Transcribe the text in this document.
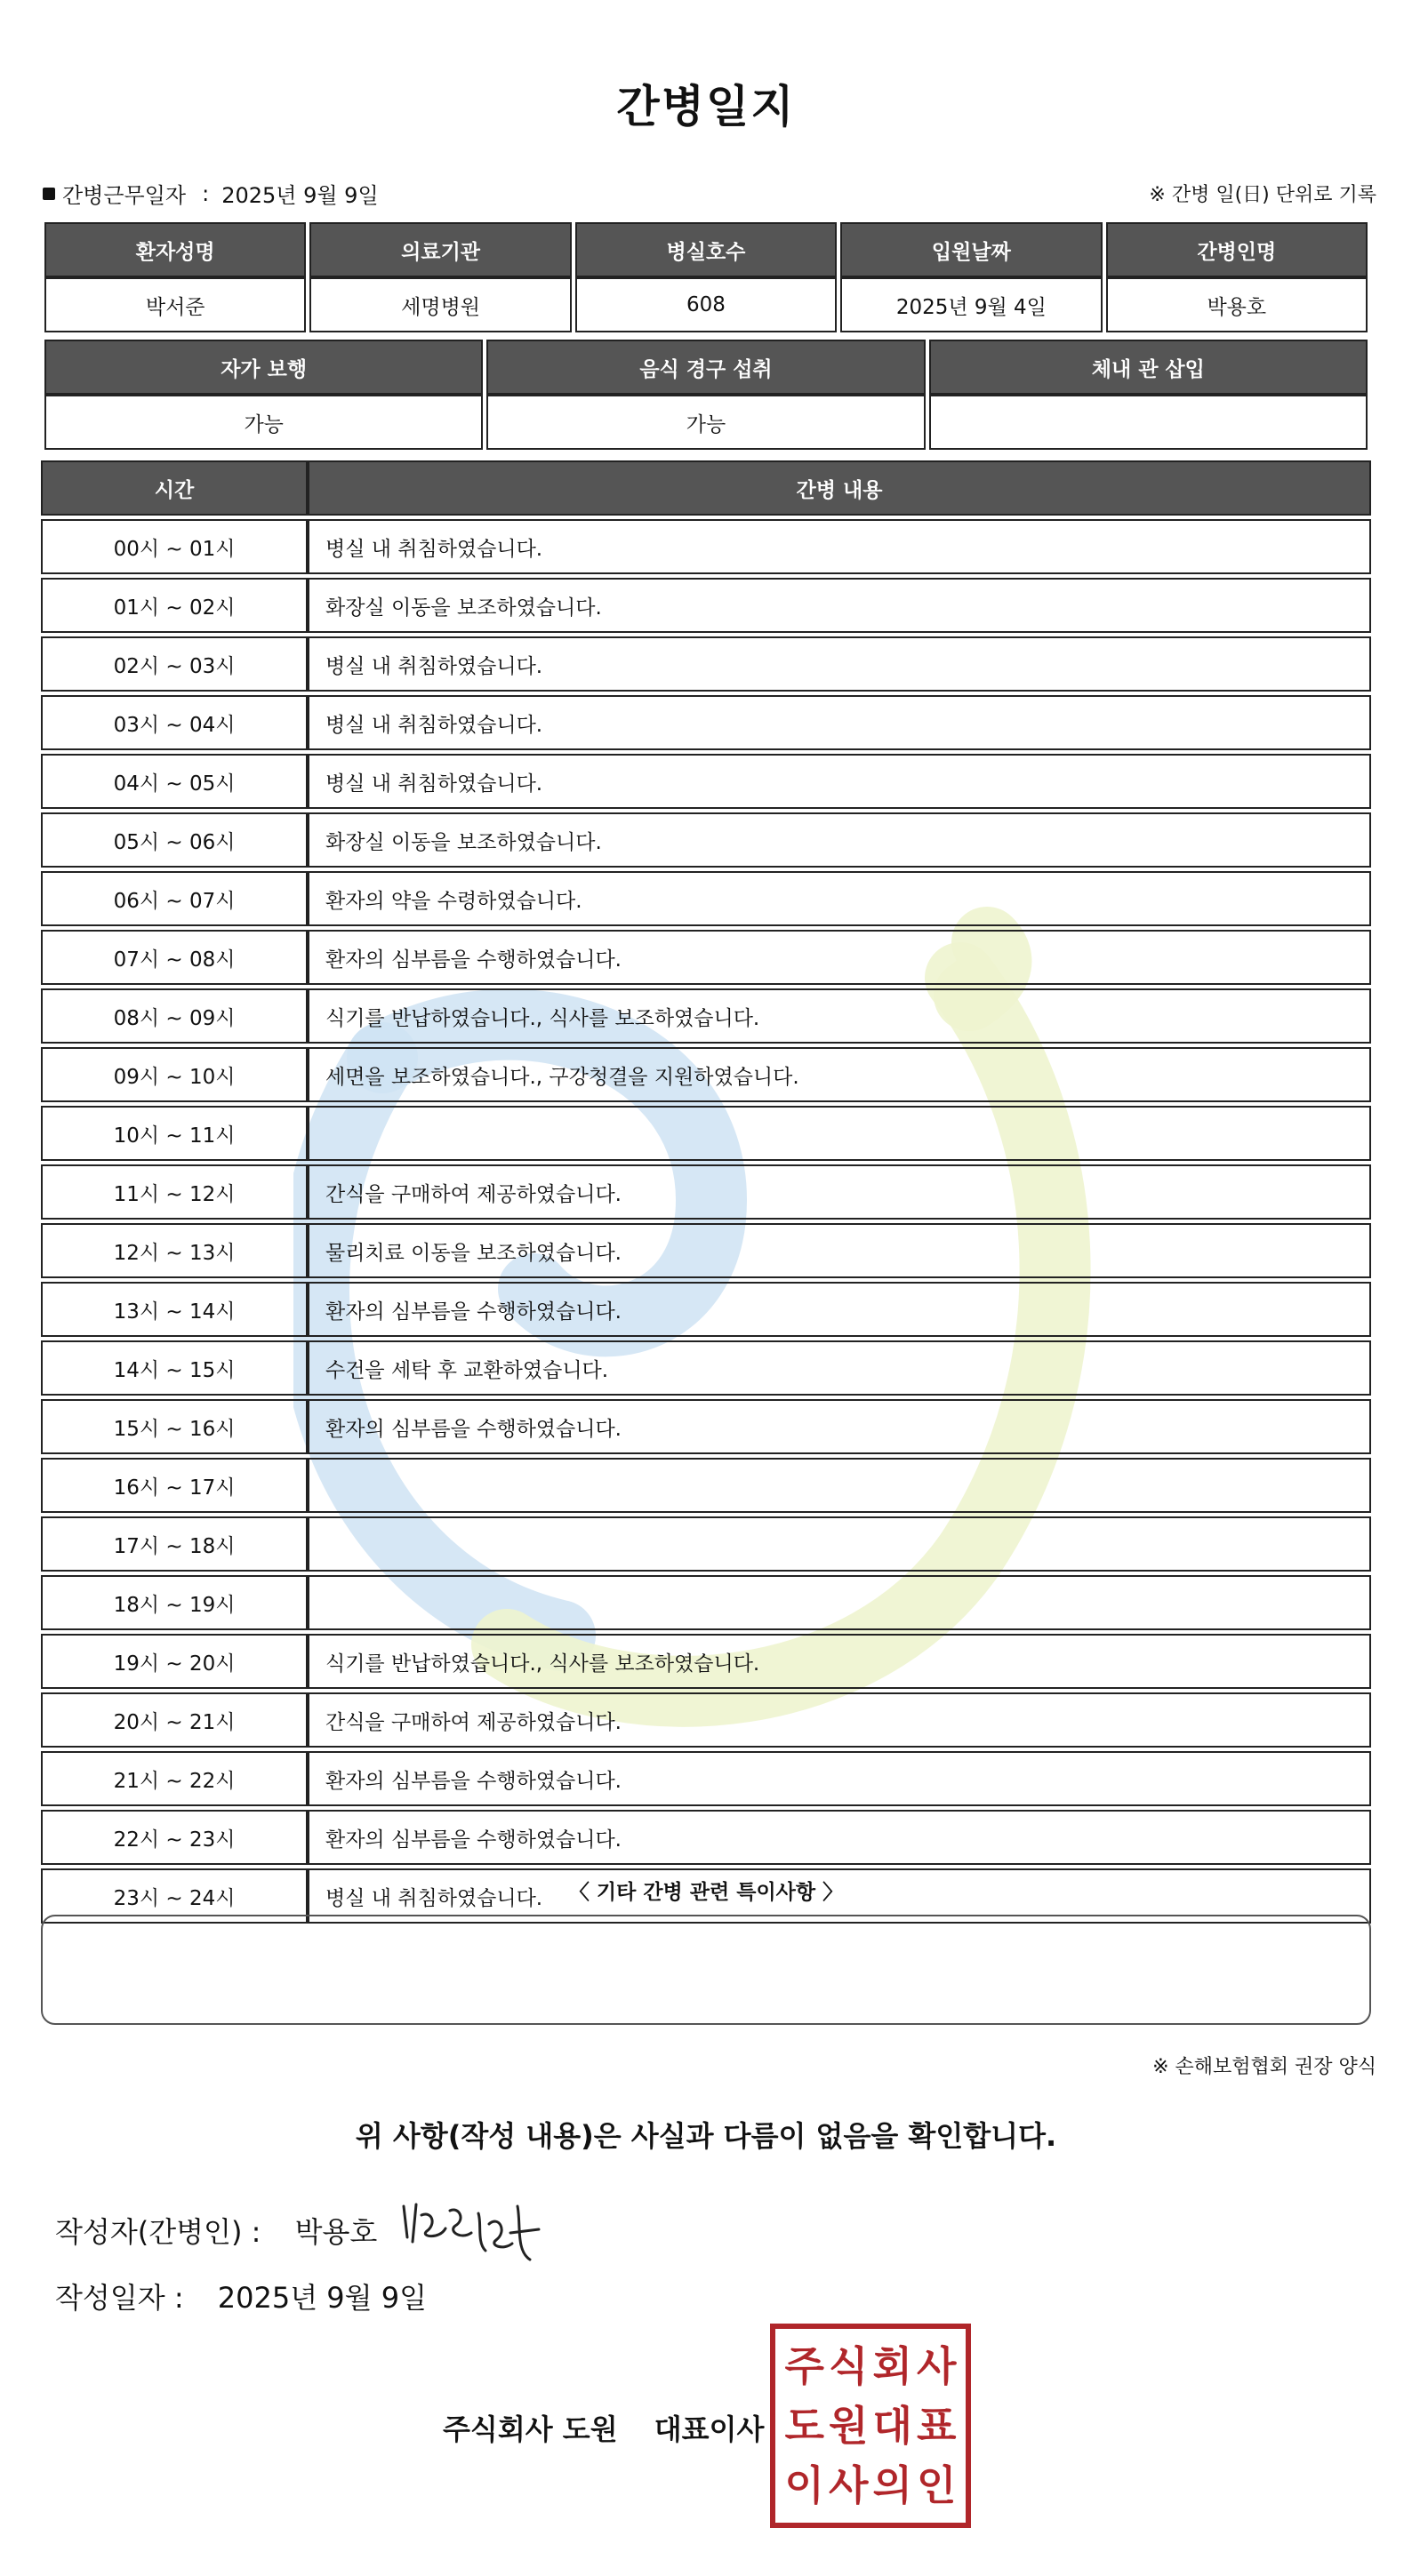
간병일지
간병근무일자 : 2025년 9월 9일	※ 간병 일(日) 단위로 기록
환자성명	의료기관	병실호수	입원날짜	간병인명
박서준	세명병원	608	2025년 9월 4일	박용호
자가 보행	음식 경구 섭취	체내 관 삽입
가능	가능	
시간	간병 내용
00시 ~ 01시	병실 내 취침하였습니다.
01시 ~ 02시	화장실 이동을 보조하였습니다.
02시 ~ 03시	병실 내 취침하였습니다.
03시 ~ 04시	병실 내 취침하였습니다.
04시 ~ 05시	병실 내 취침하였습니다.
05시 ~ 06시	화장실 이동을 보조하였습니다.
06시 ~ 07시	환자의 약을 수령하였습니다.
07시 ~ 08시	환자의 심부름을 수행하였습니다.
08시 ~ 09시	식기를 반납하였습니다., 식사를 보조하였습니다.
09시 ~ 10시	세면을 보조하였습니다., 구강청결을 지원하였습니다.
10시 ~ 11시	
11시 ~ 12시	간식을 구매하여 제공하였습니다.
12시 ~ 13시	물리치료 이동을 보조하였습니다.
13시 ~ 14시	환자의 심부름을 수행하였습니다.
14시 ~ 15시	수건을 세탁 후 교환하였습니다.
15시 ~ 16시	환자의 심부름을 수행하였습니다.
16시 ~ 17시	
17시 ~ 18시	
18시 ~ 19시	
19시 ~ 20시	식기를 반납하였습니다., 식사를 보조하였습니다.
20시 ~ 21시	간식을 구매하여 제공하였습니다.
21시 ~ 22시	환자의 심부름을 수행하였습니다.
22시 ~ 23시	환자의 심부름을 수행하였습니다.
23시 ~ 24시	병실 내 취침하였습니다.	〈 기타 간병 관련 특이사항 〉
※ 손해보험협회 권장 양식
위 사항(작성 내용)은 사실과 다름이 없음을 확인합니다.
작성자(간병인) : 박용호
작성일자 : 2025년 9월 9일
주식회사 도원 대표이사
주 식 회 사
도 원 대 표
이 사 의 인
